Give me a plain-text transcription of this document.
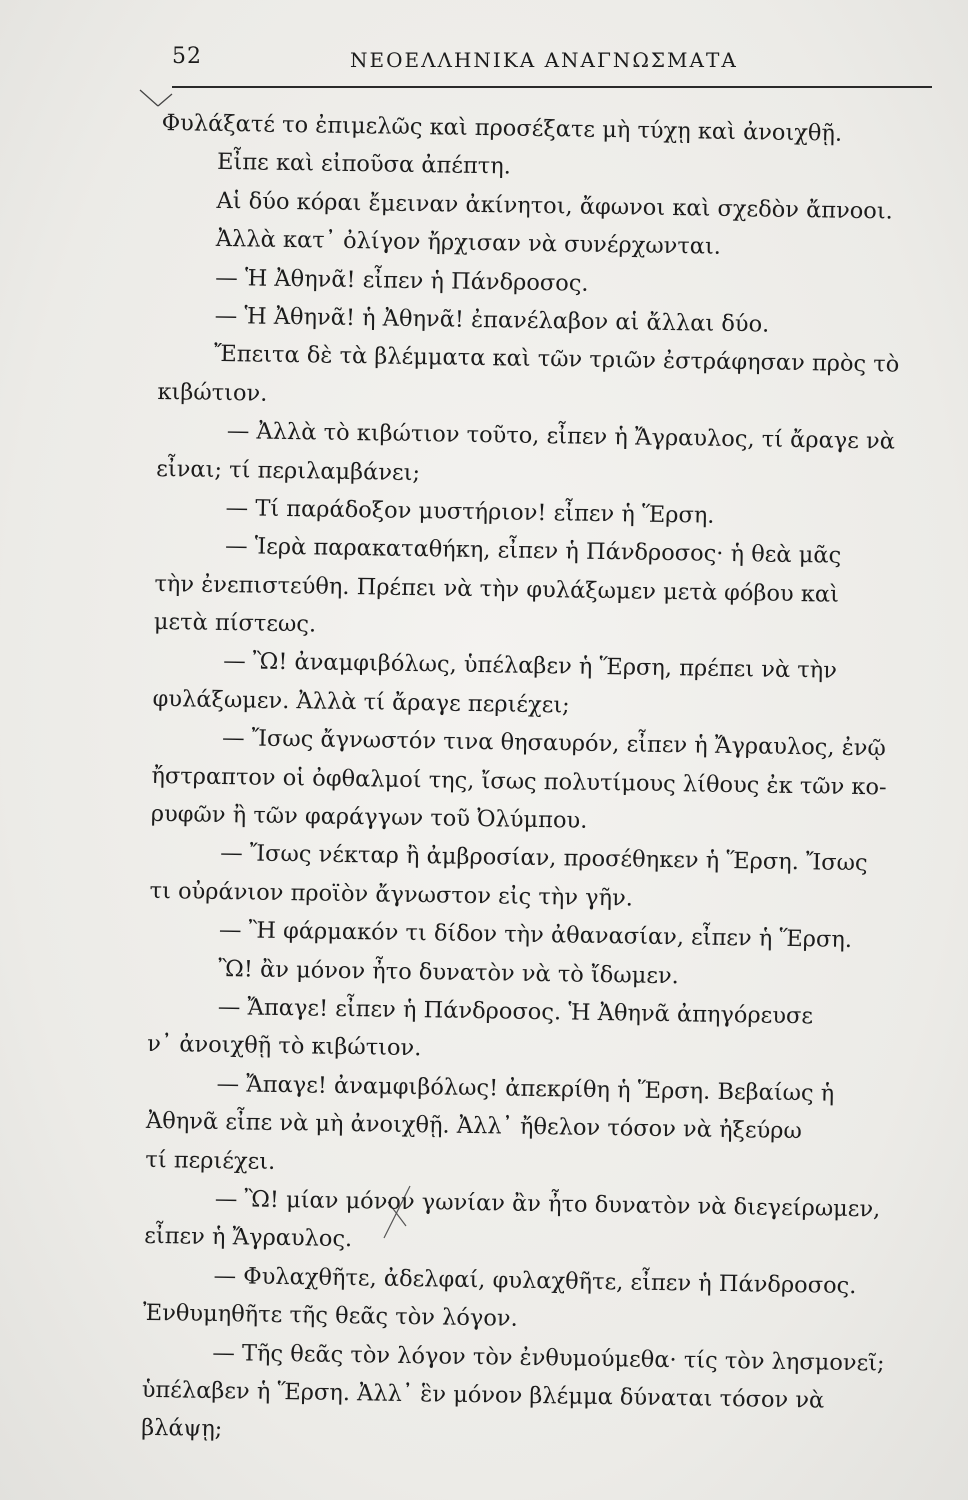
52	ΝΕΟΕΛΛΗΝΙΚΑ ΑΝΑΓΝΩΣΜΑΤΑ
Φυλάξατέ το ἐπιμελῶς καὶ προσέξατε μὴ τύχῃ καὶ ἀνοιχθῇ.
Εἶπε καὶ εἰποῦσα ἀπέπτη.
Αἱ δύο κόραι ἔμειναν ἀκίνητοι, ἄφωνοι καὶ σχεδὸν ἄπνοοι.
Ἀλλὰ κατ᾽ ὀλίγον ἤρχισαν νὰ συνέρχωνται.
— Ἡ Ἀθηνᾶ! εἶπεν ἡ Πάνδροσος.
— Ἡ Ἀθηνᾶ! ἡ Ἀθηνᾶ! ἐπανέλαβον αἱ ἄλλαι δύο.
Ἔπειτα δὲ τὰ βλέμματα καὶ τῶν τριῶν ἐστράφησαν πρὸς τὸ
κιβώτιον.
— Ἀλλὰ τὸ κιβώτιον τοῦτο, εἶπεν ἡ Ἄγραυλος, τί ἄραγε νὰ
εἶναι; τί περιλαμβάνει;
— Τί παράδοξον μυστήριον! εἶπεν ἡ Ἕρση.
— Ἱερὰ παρακαταθήκη, εἶπεν ἡ Πάνδροσος· ἡ θεὰ μᾶς
τὴν ἐνεπιστεύθη. Πρέπει νὰ τὴν φυλάξωμεν μετὰ φόβου καὶ
μετὰ πίστεως.
— Ὢ! ἀναμφιβόλως, ὑπέλαβεν ἡ Ἕρση, πρέπει νὰ τὴν
φυλάξωμεν. Ἀλλὰ τί ἄραγε περιέχει;
— Ἴσως ἄγνωστόν τινα θησαυρόν, εἶπεν ἡ Ἄγραυλος, ἐνῷ
ἤστραπτον οἱ ὀφθαλμοί της, ἴσως πολυτίμους λίθους ἐκ τῶν κο-
ρυφῶν ἢ τῶν φαράγγων τοῦ Ὀλύμπου.
— Ἴσως νέκταρ ἢ ἀμβροσίαν, προσέθηκεν ἡ Ἕρση. Ἴσως
τι οὐράνιον προϊὸν ἄγνωστον εἰς τὴν γῆν.
— Ἢ φάρμακόν τι δίδον τὴν ἀθανασίαν, εἶπεν ἡ Ἕρση.
Ὢ! ἂν μόνον ἦτο δυνατὸν νὰ τὸ ἴδωμεν.
— Ἄπαγε! εἶπεν ἡ Πάνδροσος. Ἡ Ἀθηνᾶ ἀπηγόρευσε
ν᾽ ἀνοιχθῇ τὸ κιβώτιον.
— Ἄπαγε! ἀναμφιβόλως! ἀπεκρίθη ἡ Ἕρση. Βεβαίως ἡ
Ἀθηνᾶ εἶπε νὰ μὴ ἀνοιχθῇ. Ἀλλ᾽ ἤθελον τόσον νὰ ἠξεύρω
τί περιέχει.
— Ὢ! μίαν μόνον γωνίαν ἂν ἦτο δυνατὸν νὰ διεγείρωμεν,
εἶπεν ἡ Ἄγραυλος.
— Φυλαχθῆτε, ἀδελφαί, φυλαχθῆτε, εἶπεν ἡ Πάνδροσος.
Ἐνθυμηθῆτε τῆς θεᾶς τὸν λόγον.
— Τῆς θεᾶς τὸν λόγον τὸν ἐνθυμούμεθα· τίς τὸν λησμονεῖ;
ὑπέλαβεν ἡ Ἕρση. Ἀλλ᾽ ἓν μόνον βλέμμα δύναται τόσον νὰ
βλάψῃ;
